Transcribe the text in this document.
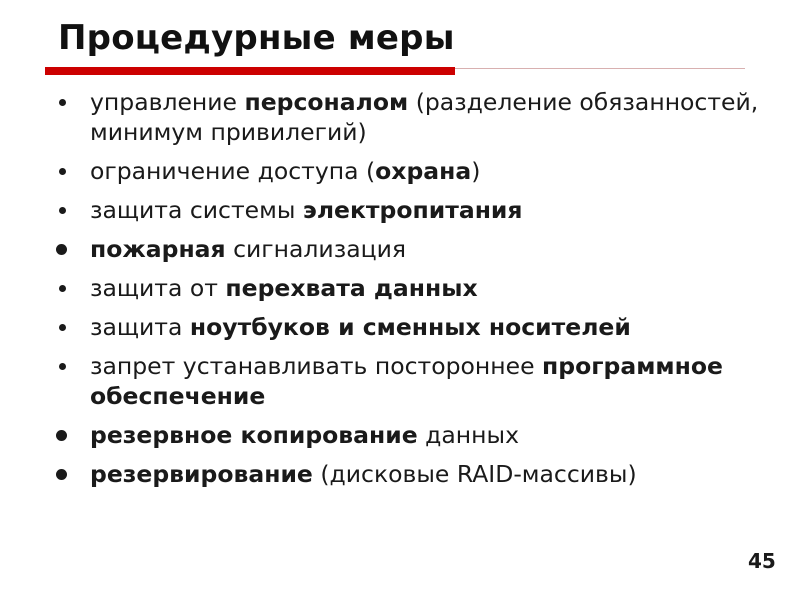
Процедурные меры
управление персоналом (разделение обязанностей, минимум привилегий)
ограничение доступа (охрана)
защита системы электропитания
пожарная сигнализация
защита от перехвата данных
защита ноутбуков и сменных носителей
запрет устанавливать постороннее программное обеспечение
резервное копирование данных
резервирование (дисковые RAID-массивы)
45
